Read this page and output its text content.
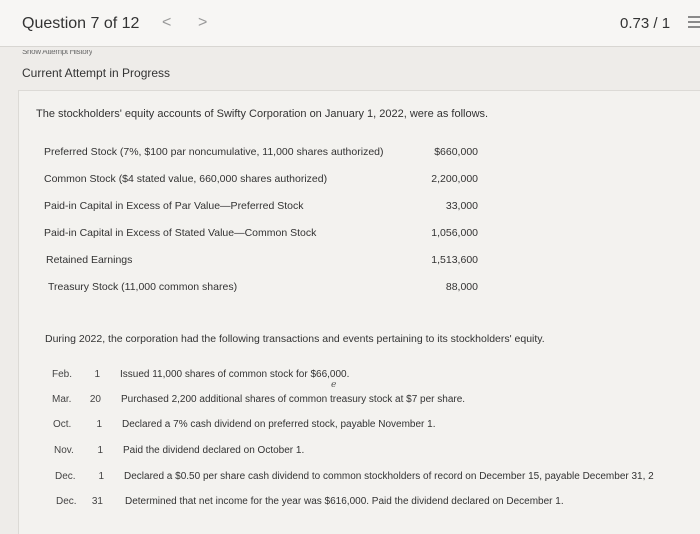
Question 7 of 12 < >	0.73 / 1
Show Attempt History
Current Attempt in Progress
The stockholders' equity accounts of Swifty Corporation on January 1, 2022, were as follows.
Preferred Stock (7%, $100 par noncumulative, 11,000 shares authorized)	$660,000
Common Stock ($4 stated value, 660,000 shares authorized)	2,200,000
Paid-in Capital in Excess of Par Value—Preferred Stock	33,000
Paid-in Capital in Excess of Stated Value—Common Stock	1,056,000
Retained Earnings	1,513,600
Treasury Stock (11,000 common shares)	88,000
During 2022, the corporation had the following transactions and events pertaining to its stockholders' equity.
Feb.	1 Issued 11,000 shares of common stock for $66,000.
Mar.	20 Purchased 2,200 additional shares of common treasury stock at $7 per share.
Oct.	1 Declared a 7% cash dividend on preferred stock, payable November 1.
Nov.	1 Paid the dividend declared on October 1.
Dec.	1 Declared a $0.50 per share cash dividend to common stockholders of record on December 15, payable December 31, 2
Dec.	31 Determined that net income for the year was $616,000. Paid the dividend declared on December 1.
ℯ
